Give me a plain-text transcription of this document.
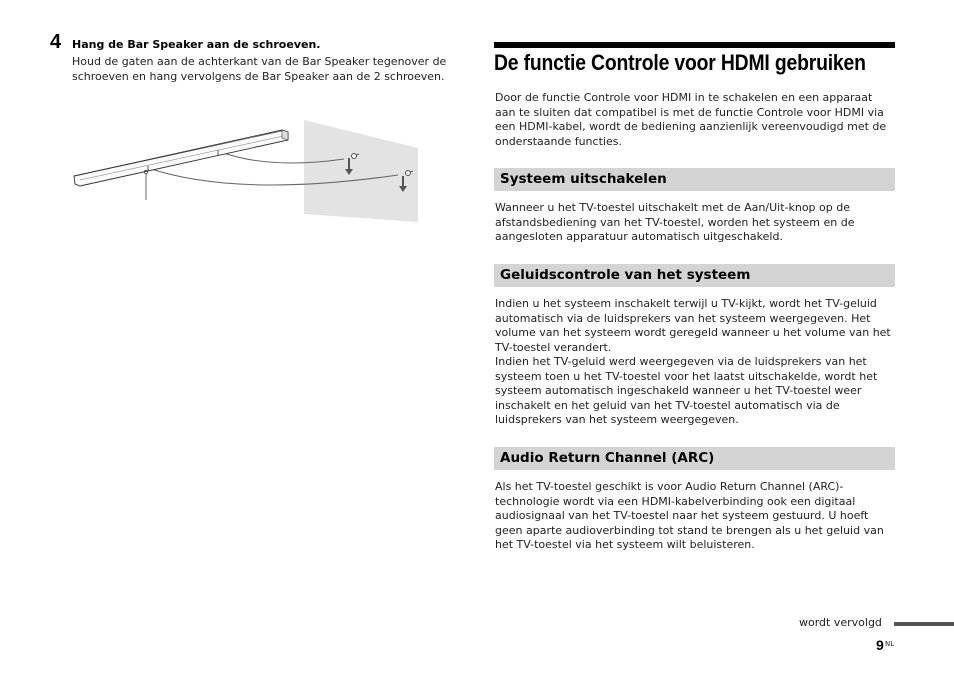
4 Hang de Bar Speaker aan de schroeven.
Houd de gaten aan de achterkant van de Bar Speaker tegenover de schroeven en hang vervolgens de Bar Speaker aan de 2 schroeven.
De functie Controle voor HDMI gebruiken
Door de functie Controle voor HDMI in te schakelen en een apparaat aan te sluiten dat compatibel is met de functie Controle voor HDMI via een HDMI-kabel, wordt de bediening aanzienlijk vereenvoudigd met de onderstaande functies.
Systeem uitschakelen
Wanneer u het TV-toestel uitschakelt met de Aan/Uit-knop op de afstandsbediening van het TV-toestel, worden het systeem en de aangesloten apparatuur automatisch uitgeschakeld.
Geluidscontrole van het systeem
Indien u het systeem inschakelt terwijl u TV-kijkt, wordt het TV-geluid automatisch via de luidsprekers van het systeem weergegeven. Het volume van het systeem wordt geregeld wanneer u het volume van het TV-toestel verandert.
Indien het TV-geluid werd weergegeven via de luidsprekers van het systeem toen u het TV-toestel voor het laatst uitschakelde, wordt het systeem automatisch ingeschakeld wanneer u het TV-toestel weer inschakelt en het geluid van het TV-toestel automatisch via de luidsprekers van het systeem weergegeven.
Audio Return Channel (ARC)
Als het TV-toestel geschikt is voor Audio Return Channel (ARC)-technologie wordt via een HDMI-kabelverbinding ook een digitaal audiosignaal van het TV-toestel naar het systeem gestuurd. U hoeft geen aparte audioverbinding tot stand te brengen als u het geluid van het TV-toestel via het systeem wilt beluisteren.
wordt vervolgd
9 NL
